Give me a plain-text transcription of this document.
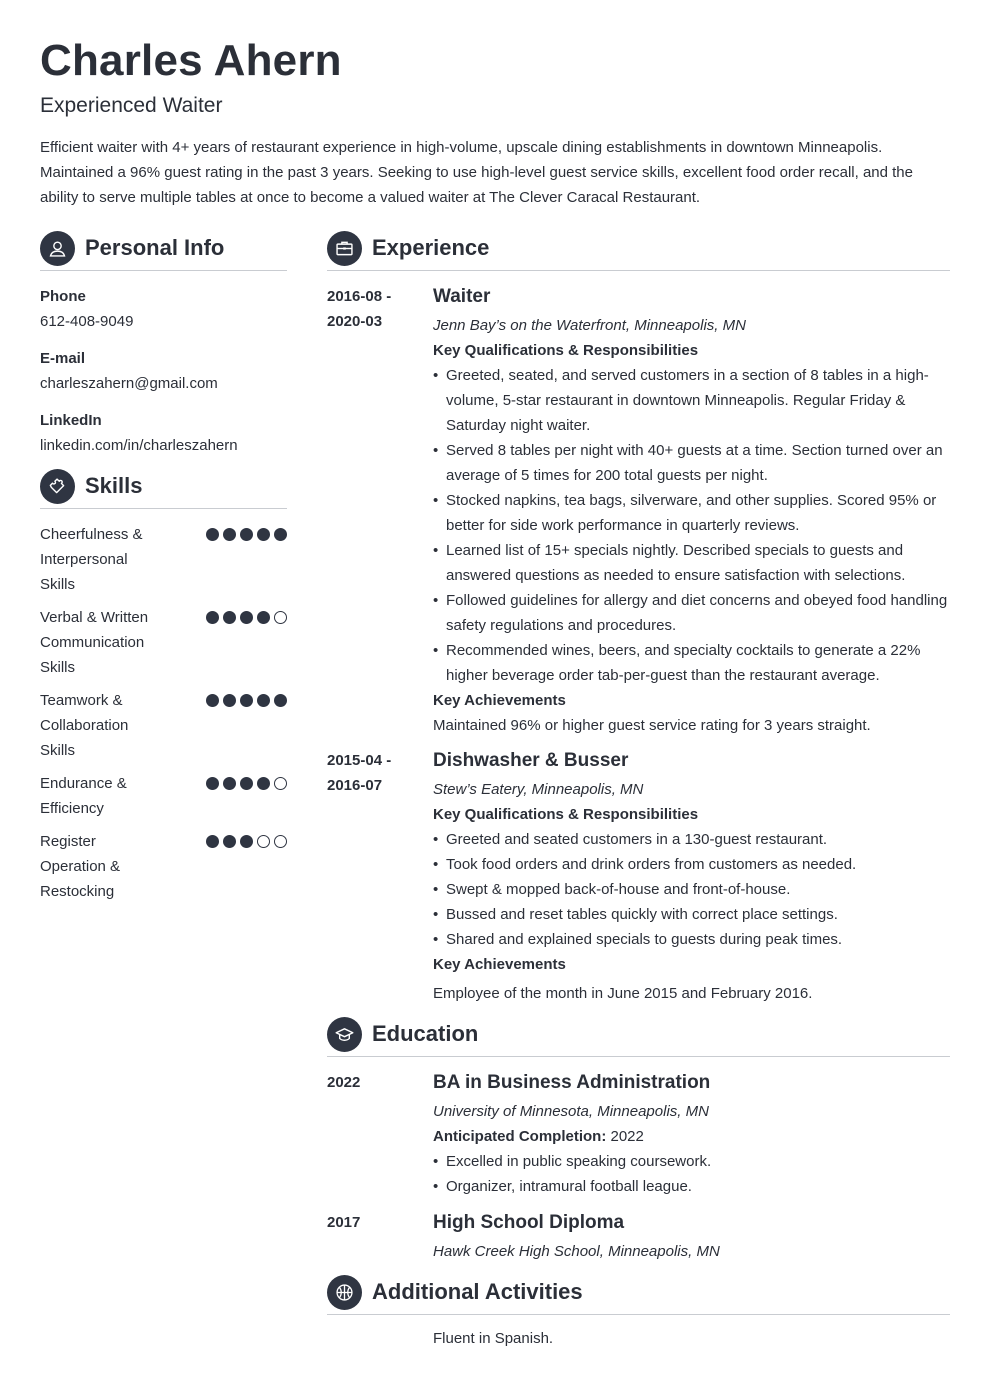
Charles Ahern
Experienced Waiter
Efficient waiter with 4+ years of restaurant experience in high-volume, upscale dining establishments in downtown Minneapolis. Maintained a 96% guest rating in the past 3 years. Seeking to use high-level guest service skills, excellent food order recall, and the ability to serve multiple tables at once to become a valued waiter at The Clever Caracal Restaurant.
Personal Info
Phone
612-408-9049
E-mail
charleszahern@gmail.com
LinkedIn
linkedin.com/in/charleszahern
Skills
Cheerfulness & Interpersonal Skills
Verbal & Written Communication Skills
Teamwork & Collaboration Skills
Endurance & Efficiency
Register Operation & Restocking
Experience
2016-08 -
2020-03
Waiter
Jenn Bay’s on the Waterfront, Minneapolis, MN
Key Qualifications & Responsibilities
• Greeted, seated, and served customers in a section of 8 tables in a high-volume, 5-star restaurant in downtown Minneapolis. Regular Friday & Saturday night waiter.
• Served 8 tables per night with 40+ guests at a time. Section turned over an average of 5 times for 200 total guests per night.
• Stocked napkins, tea bags, silverware, and other supplies. Scored 95% or better for side work performance in quarterly reviews.
• Learned list of 15+ specials nightly. Described specials to guests and answered questions as needed to ensure satisfaction with selections.
• Followed guidelines for allergy and diet concerns and obeyed food handling safety regulations and procedures.
• Recommended wines, beers, and specialty cocktails to generate a 22% higher beverage order tab-per-guest than the restaurant average.
Key Achievements
Maintained 96% or higher guest service rating for 3 years straight.
2015-04 -
2016-07
Dishwasher & Busser
Stew’s Eatery, Minneapolis, MN
Key Qualifications & Responsibilities
• Greeted and seated customers in a 130-guest restaurant.
• Took food orders and drink orders from customers as needed.
• Swept & mopped back-of-house and front-of-house.
• Bussed and reset tables quickly with correct place settings.
• Shared and explained specials to guests during peak times.
Key Achievements
Employee of the month in June 2015 and February 2016.
Education
2022	BA in Business Administration
University of Minnesota, Minneapolis, MN
Anticipated Completion: 2022
• Excelled in public speaking coursework.
• Organizer, intramural football league.
2017	High School Diploma
Hawk Creek High School, Minneapolis, MN
Additional Activities
Fluent in Spanish.
